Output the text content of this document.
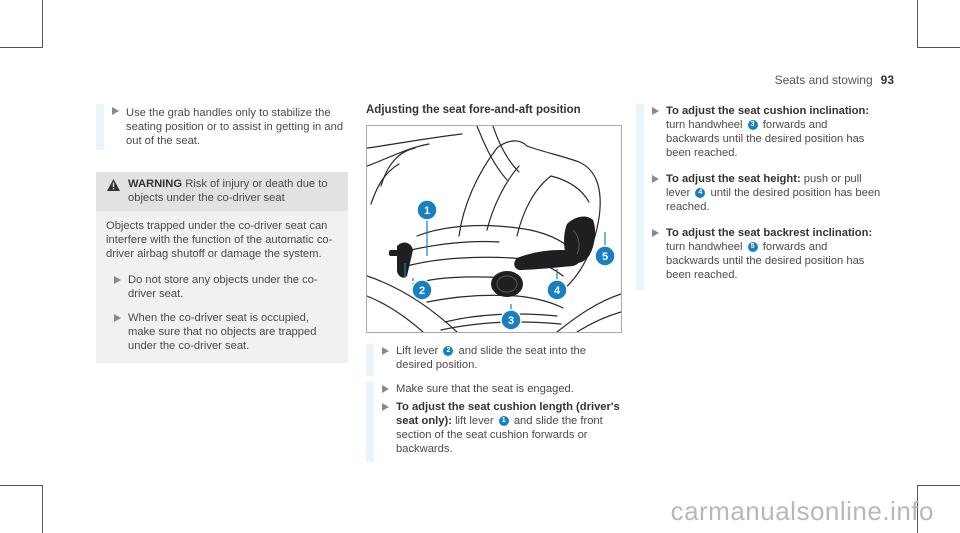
Seats and stowing 93
Use the grab handles only to stabilize the seating position or to assist in getting in and out of the seat.
WARNING Risk of injury or death due to objects under the co-driver seat
Objects trapped under the co-driver seat can interfere with the function of the automatic co-driver airbag shutoff or damage the system.
Do not store any objects under the co-driver seat.
When the co-driver seat is occupied, make sure that no objects are trapped under the co-driver seat.
Adjusting the seat fore-and-aft position
1
2
3
4
5
Lift lever 2 and slide the seat into the desired position.
Make sure that the seat is engaged.
To adjust the seat cushion length (driver's seat only): lift lever 1 and slide the front section of the seat cushion forwards or backwards.
To adjust the seat cushion inclination: turn handwheel 3 forwards and backwards until the desired position has been reached.
To adjust the seat height: push or pull lever 4 until the desired position has been reached.
To adjust the seat backrest inclination: turn handwheel 5 forwards and backwards until the desired position has been reached.
carmanualsonline.info
